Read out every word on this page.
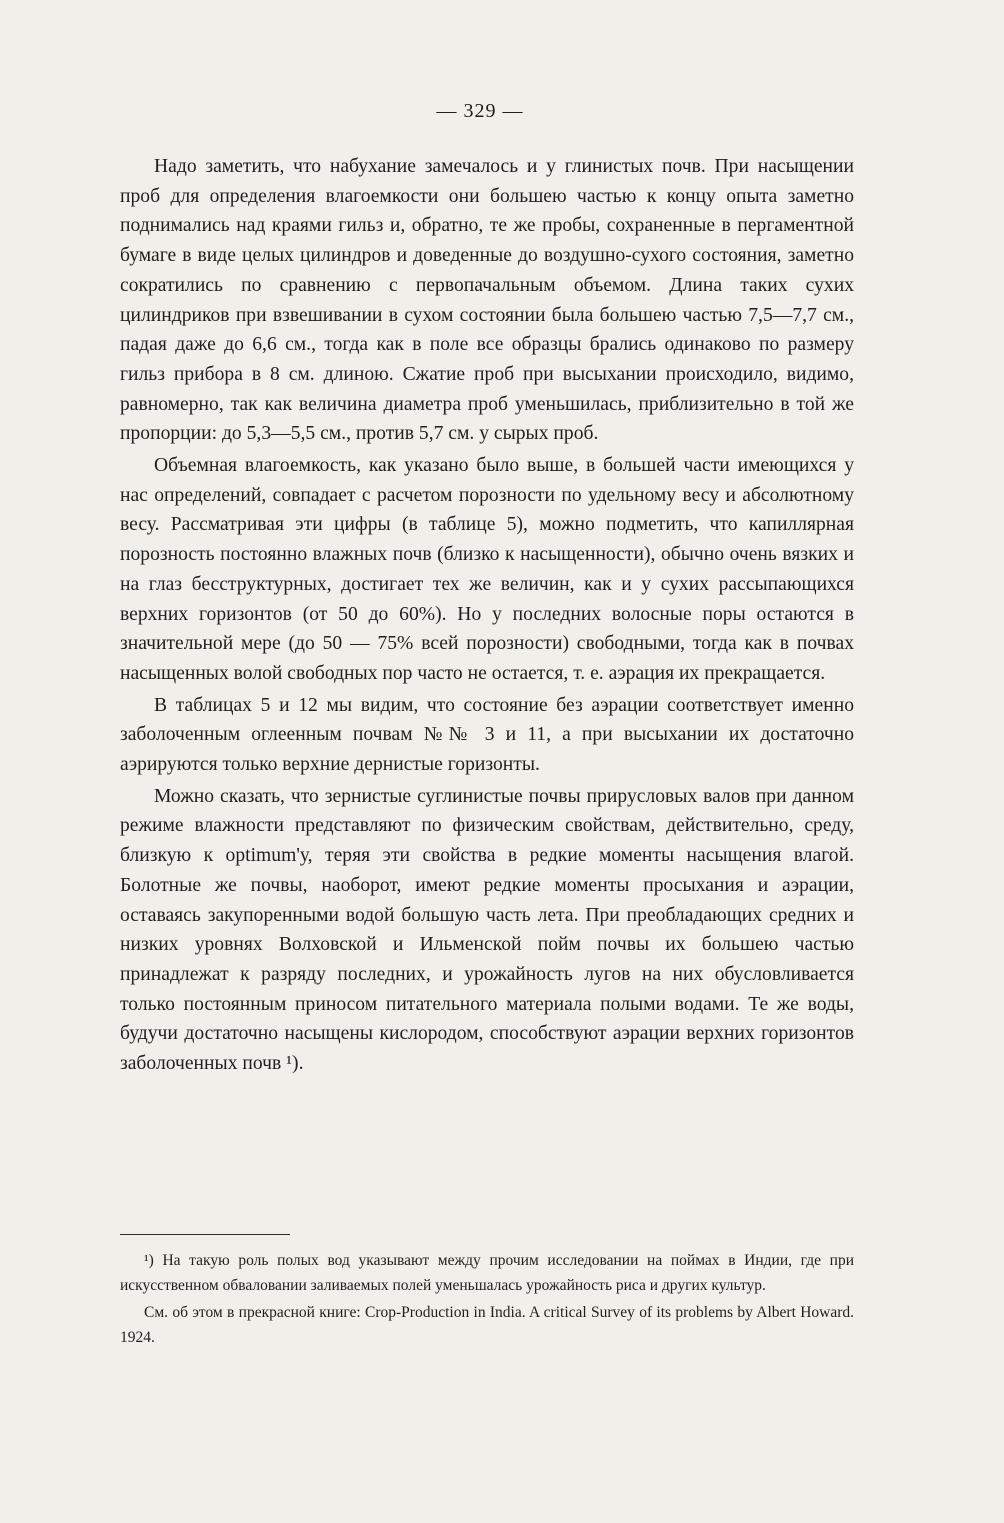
— 329 —

Надо заметить, что набухание замечалось и у глинистых почв. При насыщении проб для определения влагоемкости они большею частью к концу опыта заметно поднимались над краями гильз и, обратно, те же пробы, сохраненные в пергаментной бумаге в виде целых цилиндров и доведенные до воздушно-сухого состояния, заметно сократились по сравнению с первопачальным объемом. Длина таких сухих цилиндриков при взвешивании в сухом состоянии была большею частью 7,5—7,7 см., падая даже до 6,6 см., тогда как в поле все образцы брались одинаково по размеру гильз прибора в 8 см. длиною. Сжатие проб при высыхании происходило, видимо, равномерно, так как величина диаметра проб уменьшилась, приблизительно в той же пропорции: до 5,3—5,5 см., против 5,7 см. у сырых проб.

Объемная влагоемкость, как указано было выше, в большей части имеющихся у нас определений, совпадает с расчетом порозности по удельному весу и абсолютному весу. Рассматривая эти цифры (в таблице 5), можно подметить, что капиллярная порозность постоянно влажных почв (близко к насыщенности), обычно очень вязких и на глаз бесструктурных, достигает тех же величин, как и у сухих рассыпающихся верхних горизонтов (от 50 до 60%). Но у последних волосные поры остаются в значительной мере (до 50 — 75% всей порозности) свободными, тогда как в почвах насыщенных волой свободных пор часто не остается, т. е. аэрация их прекращается.

В таблицах 5 и 12 мы видим, что состояние без аэрации соответствует именно заболоченным оглеенным почвам №№ 3 и 11, а при высыхании их достаточно аэрируются только верхние дернистые горизонты.

Можно сказать, что зернистые суглинистые почвы прирусловых валов при данном режиме влажности представляют по физическим свойствам, действительно, среду, близкую к optimum'у, теряя эти свойства в редкие моменты насыщения влагой. Болотные же почвы, наоборот, имеют редкие моменты просыхания и аэрации, оставаясь закупоренными водой большую часть лета. При преобладающих средних и низких уровнях Волховской и Ильменской пойм почвы их большею частью принадлежат к разряду последних, и урожайность лугов на них обусловливается только постоянным приносом питательного материала полыми водами. Те же воды, будучи достаточно насыщены кислородом, способствуют аэрации верхних горизонтов заболоченных почв ¹).

¹) На такую роль полых вод указывают между прочим исследовании на поймах в Индии, где при искусственном обваловании заливаемых полей уменьшалась урожайность риса и других культур.

См. об этом в прекрасной книге: Crop-Production in India. A critical Survey of its problems by Albert Howard. 1924.
